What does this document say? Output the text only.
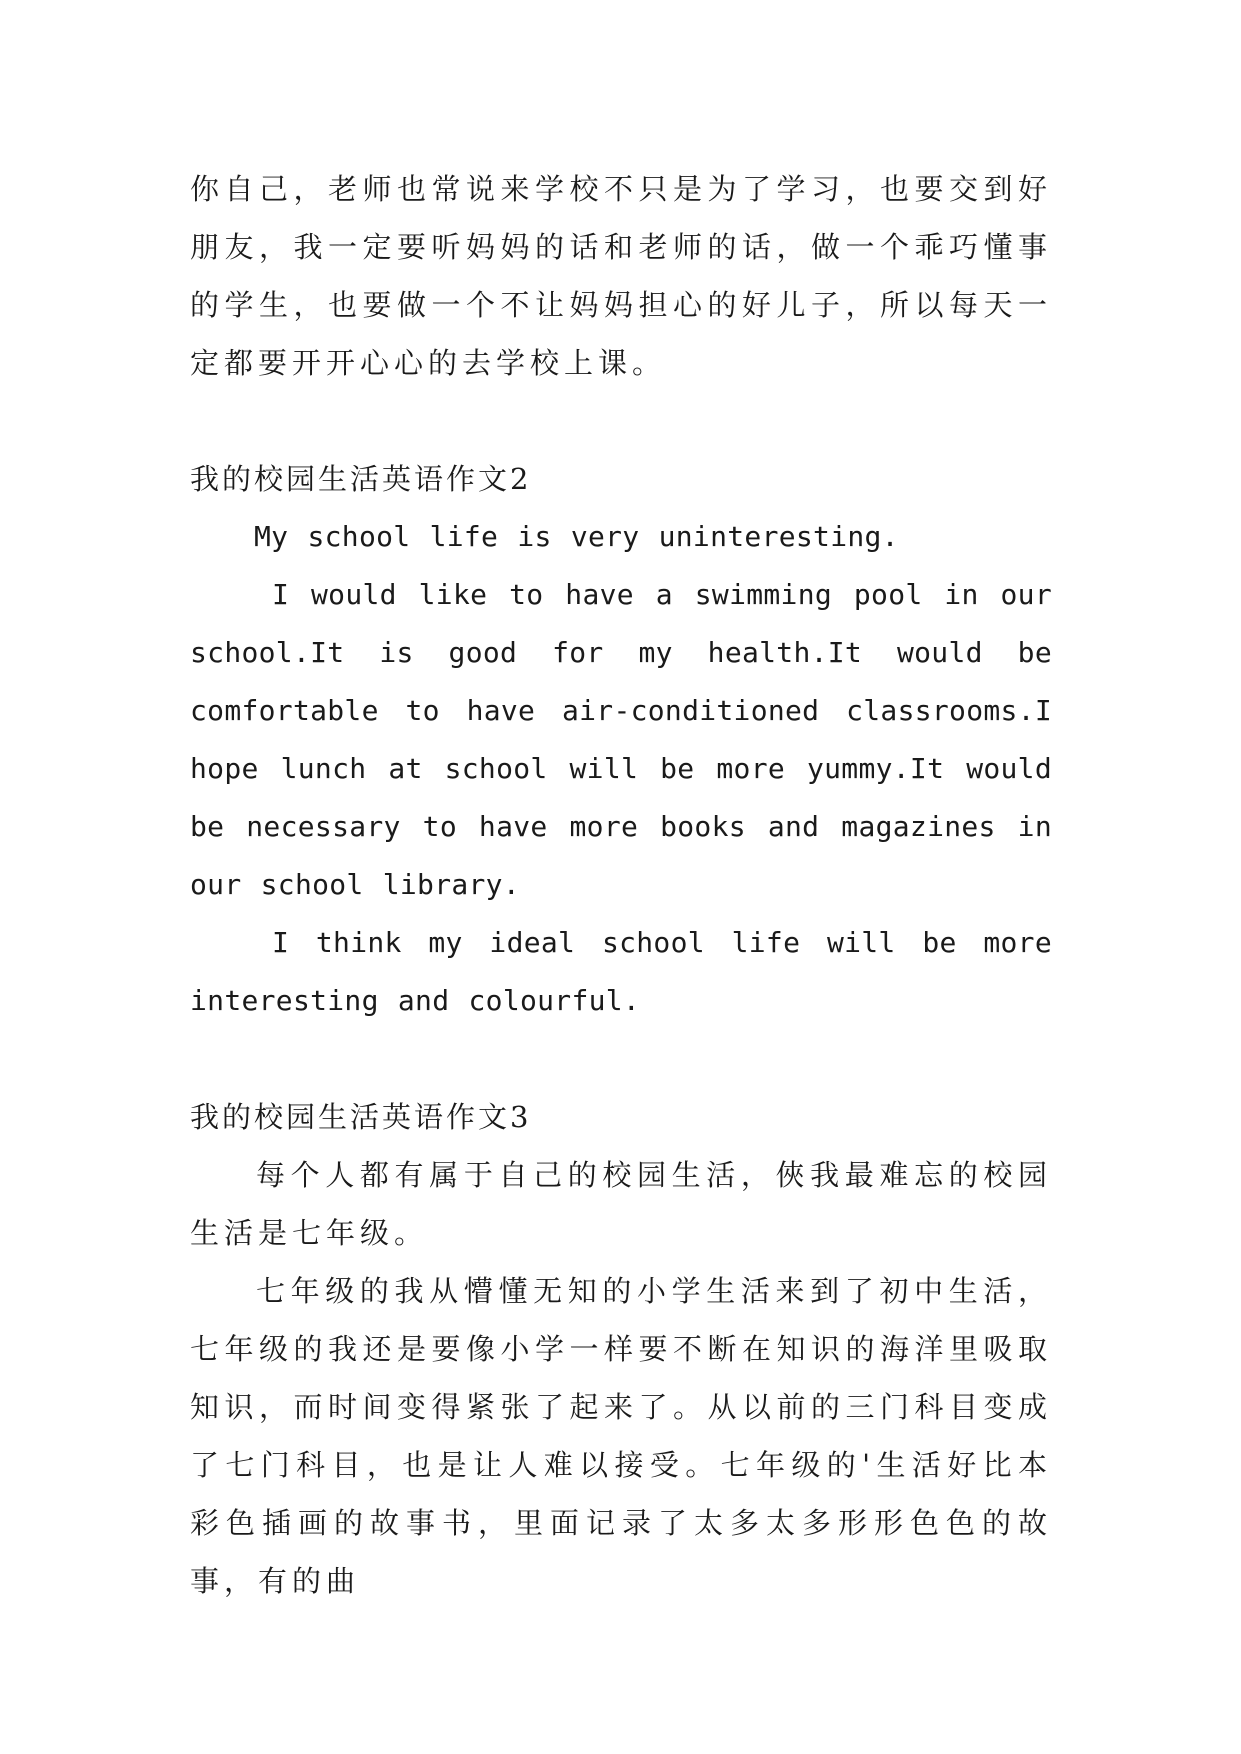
你自己，老师也常说来学校不只是为了学习，也要交到好朋友，我一定要听妈妈的话和老师的话，做一个乖巧懂事的学生，也要做一个不让妈妈担心的好儿子，所以每天一定都要开开心心的去学校上课。

我的校园生活英语作文2

My school life is very uninteresting.

I would like to have a swimming pool in our school.It is good for my health.It would be comfortable to have air-conditioned classrooms.I hope lunch at school will be more yummy.It would be necessary to have more books and magazines in our school library.

I think my ideal school life will be more interesting and colourful.

我的校园生活英语作文3

每个人都有属于自己的校园生活，俠我最难忘的校园生活是七年级。

七年级的我从懵懂无知的小学生活来到了初中生活，七年级的我还是要像小学一样要不断在知识的海洋里吸取知识，而时间变得紧张了起来了。从以前的三门科目变成了七门科目，也是让人难以接受。七年级的'生活好比本彩色插画的故事书，里面记录了太多太多形形色色的故事，有的曲
